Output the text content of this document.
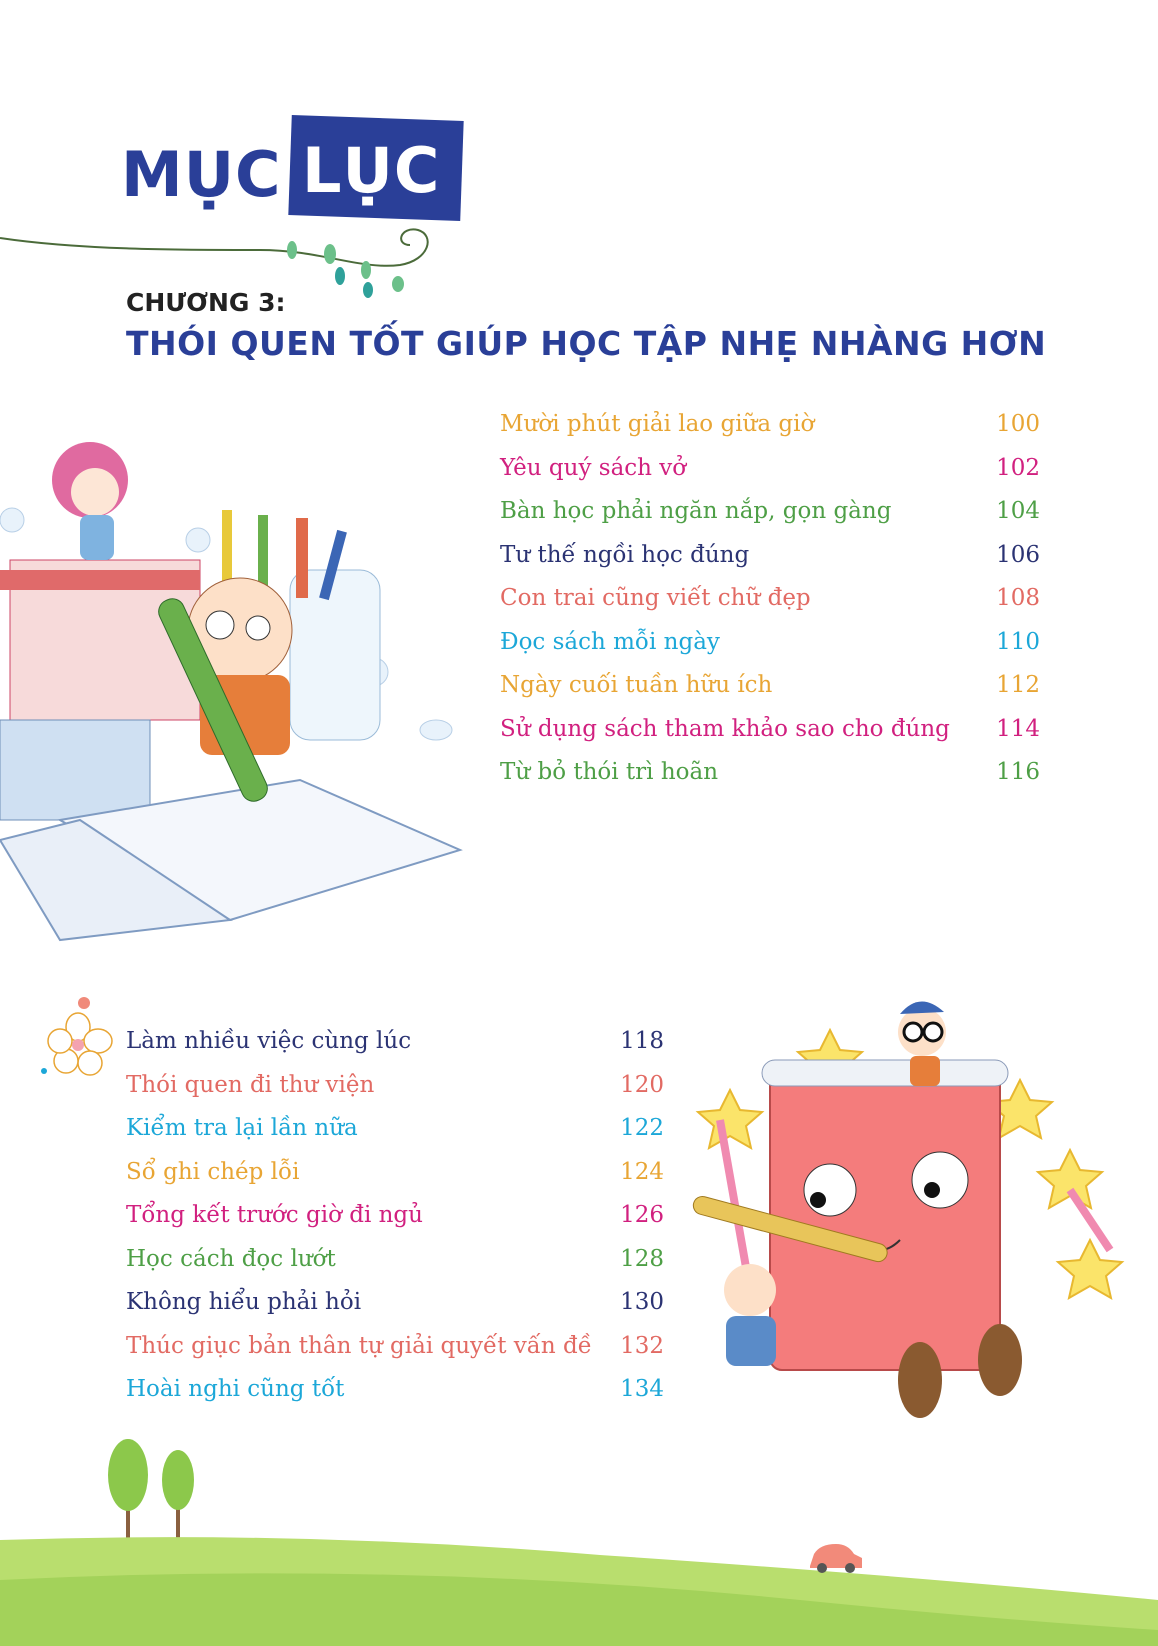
MỤC LỤC
CHƯƠNG 3:
THÓI QUEN TỐT GIÚP HỌC TẬP NHẸ NHÀNG HƠN
Mười phút giải lao giữa giờ	100
Yêu quý sách vở	102
Bàn học phải ngăn nắp, gọn gàng	104
Tư thế ngồi học đúng	106
Con trai cũng viết chữ đẹp	108
Đọc sách mỗi ngày	110
Ngày cuối tuần hữu ích	112
Sử dụng sách tham khảo sao cho đúng 114
Từ bỏ thói trì hoãn	116
Làm nhiều việc cùng lúc	118
Thói quen đi thư viện	120
Kiểm tra lại lần nữa	122
Sổ ghi chép lỗi	124
Tổng kết trước giờ đi ngủ	126
Học cách đọc lướt	128
Không hiểu phải hỏi	130
Thúc giục bản thân tự giải quyết vấn đề 132
Hoài nghi cũng tốt	134
